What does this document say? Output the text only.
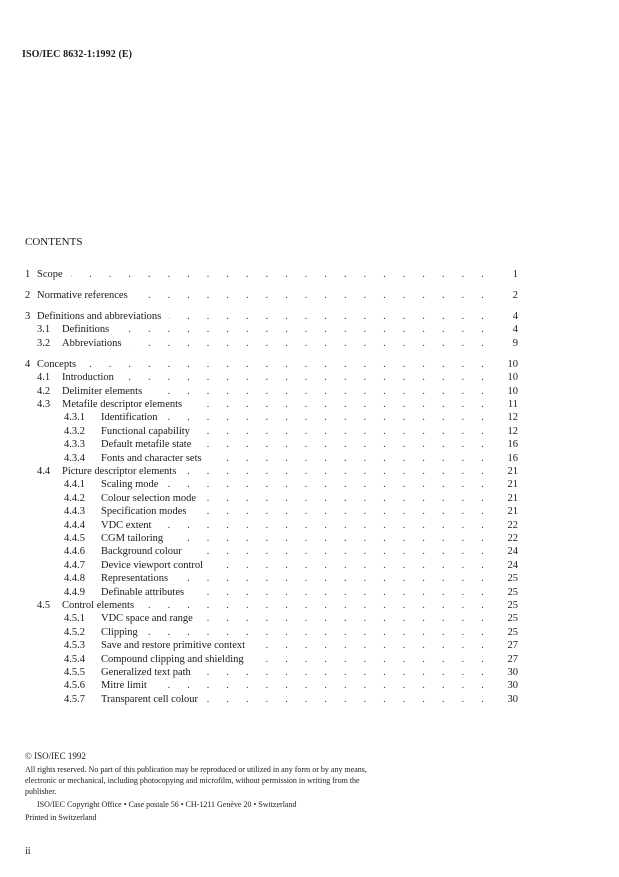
ISO/IEC 8632-1:1992 (E)
CONTENTS
1 Scope . . .	1
2 Normative references . . .	2
3 Definitions and abbreviations . . .	4
3.1 Definitions . . .	4
3.2 Abbreviations . . .	9
4 Concepts . . .	10
4.1 Introduction . . .	10
4.2 Delimiter elements . . .	10
4.3 Metafile descriptor elements . . .	11
4.3.1 Identification . . .	12
4.3.2 Functional capability . . .	12
4.3.3 Default metafile state . . .	16
4.3.4 Fonts and character sets . . .	16
4.4 Picture descriptor elements . . .	21
4.4.1 Scaling mode . . .	21
4.4.2 Colour selection mode . . .	21
4.4.3 Specification modes . . .	21
4.4.4 VDC extent . . .	22
4.4.5 CGM tailoring . . .	22
4.4.6 Background colour . . .	24
4.4.7 Device viewport control . . .	24
4.4.8 Representations . . .	25
4.4.9 Definable attributes . . .	25
4.5 Control elements . . .	25
4.5.1 VDC space and range . . .	25
4.5.2 Clipping . . .	25
4.5.3 Save and restore primitive context . . .	27
4.5.4 Compound clipping and shielding . . .	27
4.5.5 Generalized text path . . .	30
4.5.6 Mitre limit . . .	30
4.5.7 Transparent cell colour . . .	30

© ISO/IEC 1992

All rights reserved. No part of this publication may be reproduced or utilized in any form or by any means, electronic or mechanical, including photocopying and microfilm, without permission in writing from the publisher.

ISO/IEC Copyright Office • Case postale 56 • CH-1211 Genève 20 • Switzerland

Printed in Switzerland

ii
